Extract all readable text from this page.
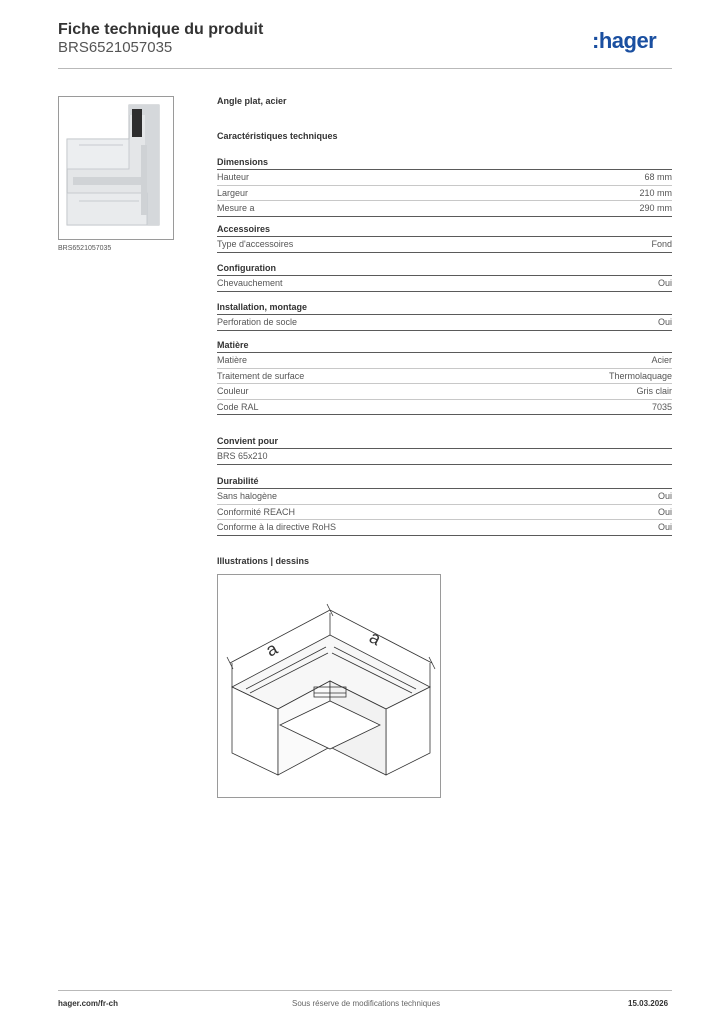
Fiche technique du produit
BRS6521057035	:hager
BRS6521057035
Angle plat, acier
Caractéristiques techniques
Dimensions
Hauteur	68 mm
Largeur	210 mm
Mesure a	290 mm
Accessoires
Type d'accessoires	Fond
Configuration
Chevauchement	Oui
Installation, montage
Perforation de socle	Oui
Matière
Matière	Acier
Traitement de surface	Thermolaquage
Couleur	Gris clair
Code RAL	7035
Convient pour
BRS 65x210
Durabilité
Sans halogène	Oui
Conformité REACH	Oui
Conforme à la directive RoHS	Oui
Illustrations | dessins
a
a
hager.com/fr-ch	Sous réserve de modifications techniques	15.03.2026
